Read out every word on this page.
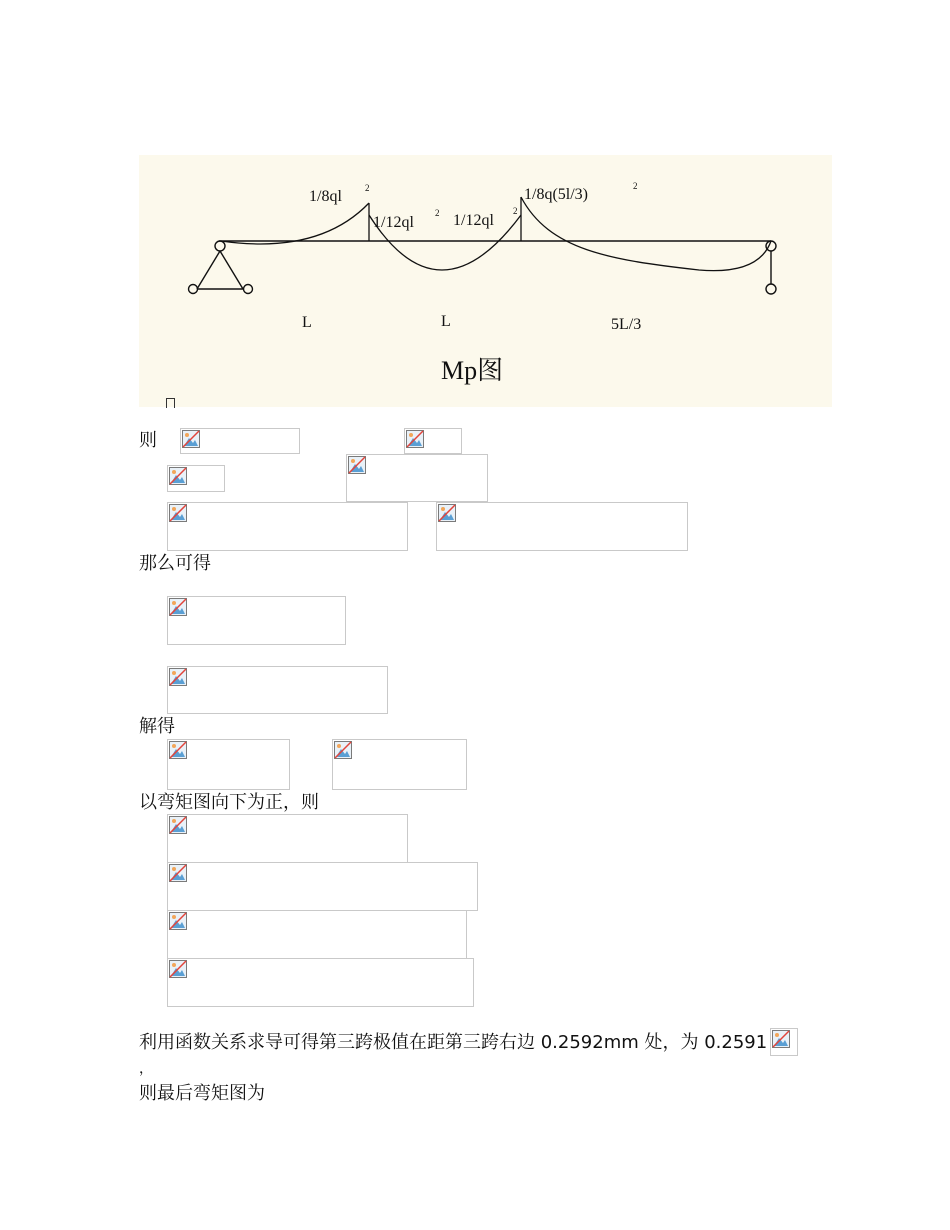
1/8ql	2
1/12ql
2 1/12ql
2
1/8q(5l/3)	2
L	L	5L/3
Mp图
则
那么可得
解得
以弯矩图向下为正，则
利用函数关系求导可得第三跨极值在距第三跨右边 0.2592mm 处，为 0.2591
，
则最后弯矩图为
